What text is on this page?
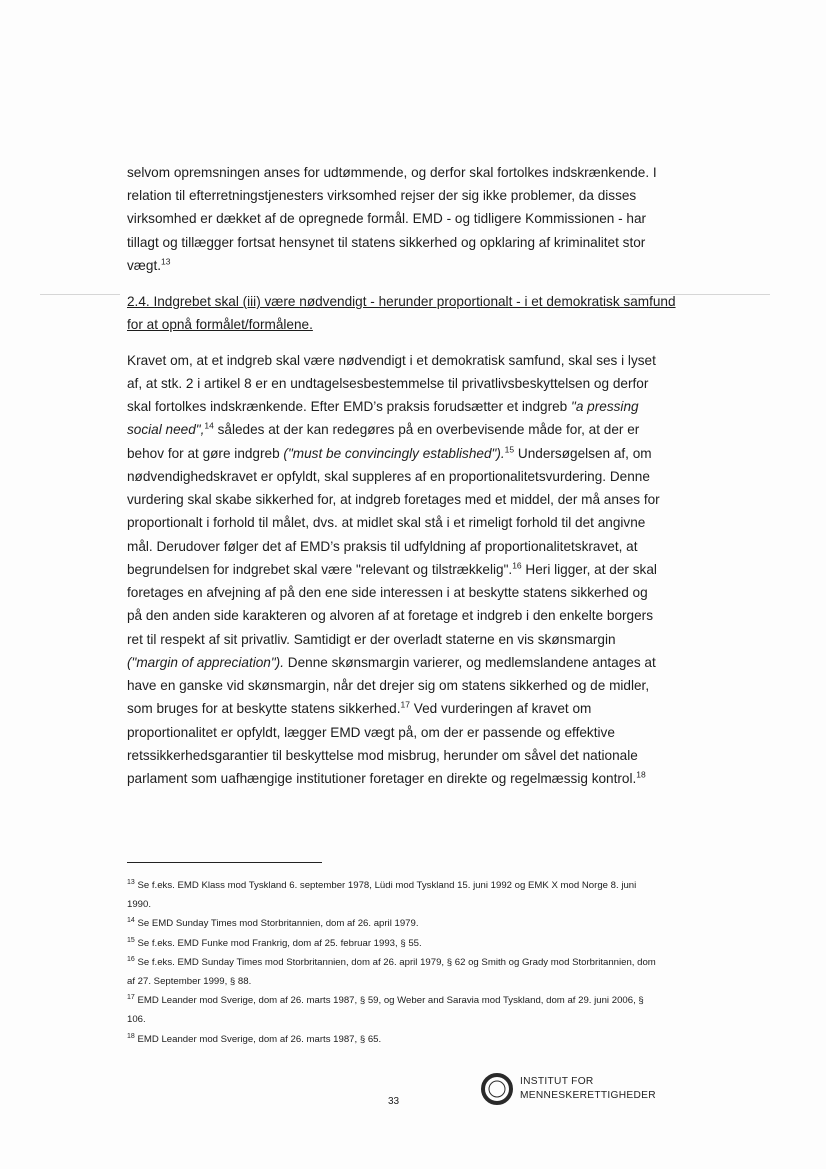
selvom opremsningen anses for udtømmende, og derfor skal fortolkes indskrænkende. I relation til efterretningstjenesters virksomhed rejser der sig ikke problemer, da disses virksomhed er dækket af de opregnede formål. EMD - og tidligere Kommissionen - har tillagt og tillægger fortsat hensynet til statens sikkerhed og opklaring af kriminalitet stor vægt.$^{13}$

2.4. Indgrebet skal (iii) være nødvendigt - herunder proportionalt - i et demokratisk samfund for at opnå formålet/formålene.

Kravet om, at et indgreb skal være nødvendigt i et demokratisk samfund, skal ses i lyset af, at stk. 2 i artikel 8 er en undtagelsesbestemmelse til privatlivsbeskyttelsen og derfor skal fortolkes indskrænkende. Efter EMD’s praksis forudsætter et indgreb "a pressing social need",$^{14}$ således at der kan redegøres på en overbevisende måde for, at der er behov for at gøre indgreb ("must be convincingly established").$^{15}$ Undersøgelsen af, om nødvendighedskravet er opfyldt, skal suppleres af en proportionalitetsvurdering. Denne vurdering skal skabe sikkerhed for, at indgreb foretages med et middel, der må anses for proportionalt i forhold til målet, dvs. at midlet skal stå i et rimeligt forhold til det angivne mål. Derudover følger det af EMD’s praksis til udfyldning af proportionalitetskravet, at begrundelsen for indgrebet skal være "relevant og tilstrækkelig".$^{16}$ Heri ligger, at der skal foretages en afvejning af på den ene side interessen i at beskytte statens sikkerhed og på den anden side karakteren og alvoren af at foretage et indgreb i den enkelte borgers ret til respekt af sit privatliv. Samtidigt er der overladt staterne en vis skønsmargin ("margin of appreciation"). Denne skønsmargin varierer, og medlemslandene antages at have en ganske vid skønsmargin, når det drejer sig om statens sikkerhed og de midler, som bruges for at beskytte statens sikkerhed.$^{17}$ Ved vurderingen af kravet om proportionalitet er opfyldt, lægger EMD vægt på, om der er passende og effektive retssikkerhedsgarantier til beskyttelse mod misbrug, herunder om såvel det nationale parlament som uafhængige institutioner foretager en direkte og regelmæssig kontrol.$^{18}$

$^{13}$ Se f.eks. EMD Klass mod Tyskland 6. september 1978, Lüdi mod Tyskland 15. juni 1992 og EMK X mod Norge 8. juni 1990.
$^{14}$ Se EMD Sunday Times mod Storbritannien, dom af 26. april 1979.
$^{15}$ Se f.eks. EMD Funke mod Frankrig, dom af 25. februar 1993, § 55.
$^{16}$ Se f.eks. EMD Sunday Times mod Storbritannien, dom af 26. april 1979, § 62 og Smith og Grady mod Storbritannien, dom af 27. September 1999, § 88.
$^{17}$ EMD Leander mod Sverige, dom af 26. marts 1987, § 59, og Weber and Saravia mod Tyskland, dom af 29. juni 2006, § 106.
$^{18}$ EMD Leander mod Sverige, dom af 26. marts 1987, § 65.
33
INSTITUT FOR
MENNESKERETTIGHEDER
